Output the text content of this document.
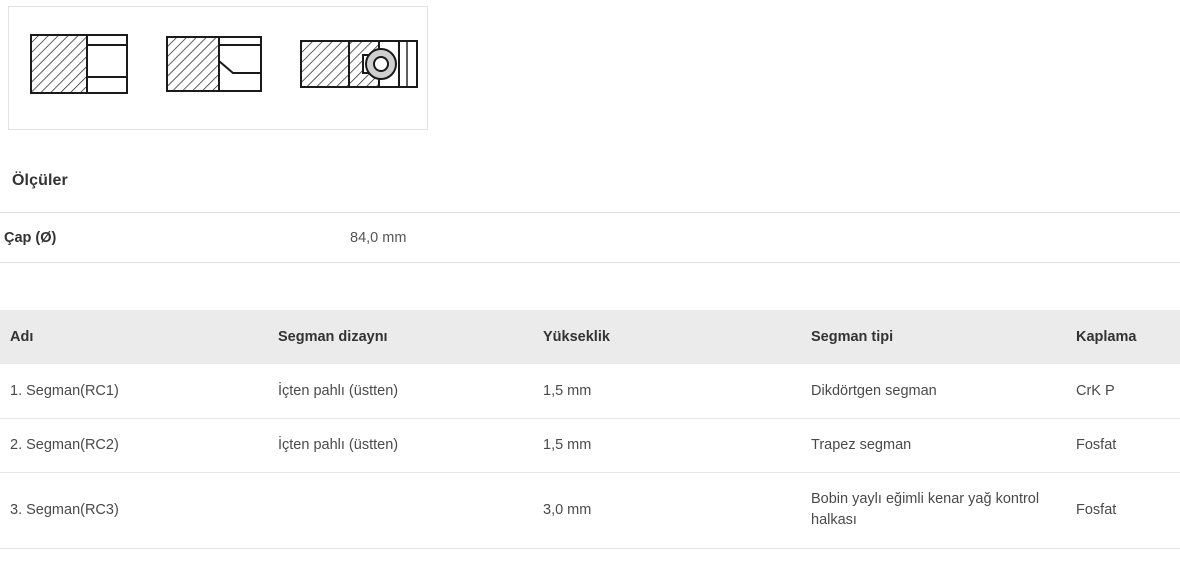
Ölçüler
Çap (Ø)	84,0 mm
Adı	Segman dizaynı	Yükseklik	Segman tipi	Kaplama
1. Segman(RC1)	İçten pahlı (üstten)	1,5 mm	Dikdörtgen segman	CrK P
2. Segman(RC2)	İçten pahlı (üstten)	1,5 mm	Trapez segman	Fosfat
3. Segman(RC3)		3,0 mm	Bobin yaylı eğimli kenar yağ kontrol halkası	Fosfat
